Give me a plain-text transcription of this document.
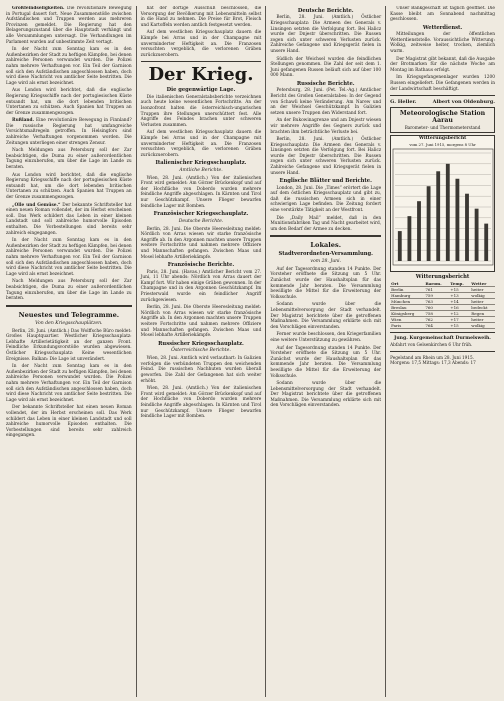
Großfeindseligkeiten. Die revolutionäre Bewegung in Portugal dauert fort. Neue Zusammenstöße zwischen Aufständischen und Truppen werden aus mehreren Provinzen gemeldet. Die Regierung hat den Belagerungszustand über die Hauptstadt verhängt und alle Versammlungen untersagt. Die Verhandlungen im Parlament wurden auf unbestimmte Zeit vertagt.

In der Nacht zum Sonntag kam es in den Außenbezirken der Stadt zu heftigen Kämpfen, bei denen zahlreiche Personen verwundet wurden. Die Polizei nahm mehrere Verhaftungen vor. Ein Teil der Garnison soll sich den Aufständischen angeschlossen haben, doch wird diese Nachricht von amtlicher Seite bestritten. Die Lage wird als ernst bezeichnet.

Aus London wird berichtet, daß die englische Regierung Kriegsschiffe nach der portugiesischen Küste entsandt hat, um die dort lebenden britischen Untertanen zu schützen. Auch Spanien hat Truppen an der Grenze zusammengezogen.

Rußland. Eine revolutionäre Bewegung in Finnland? Die russische Regierung hat umfangreiche Vorsichtsmaßregeln getroffen. In Helsingfors sind zahlreiche Verhaftungen vorgenommen worden. Die Zeitungen unterliegen einer strengen Zensur.

Nach Meldungen aus Petersburg soll der Zar beabsichtigen, die Duma zu einer außerordentlichen Tagung einzuberufen, um über die Lage im Lande zu beraten.

Aus London wird berichtet, daß die englische Regierung Kriegsschiffe nach der portugiesischen Küste entsandt hat, um die dort lebenden britischen Untertanen zu schützen. Auch Spanien hat Truppen an der Grenze zusammengezogen.

„Olle und Gemüse.“ Der bekannte Schriftsteller hat einen neuen Roman vollendet, der im Herbst erscheinen soll. Das Werk schildert das Leben in einer kleinen Landstadt und soll zahlreiche humorvolle Episoden enthalten. Die Vorbestellungen sind bereits sehr zahlreich eingegangen.

In der Nacht zum Sonntag kam es in den Außenbezirken der Stadt zu heftigen Kämpfen, bei denen zahlreiche Personen verwundet wurden. Die Polizei nahm mehrere Verhaftungen vor. Ein Teil der Garnison soll sich den Aufständischen angeschlossen haben, doch wird diese Nachricht von amtlicher Seite bestritten. Die Lage wird als ernst bezeichnet.

Nach Meldungen aus Petersburg soll der Zar beabsichtigen, die Duma zu einer außerordentlichen Tagung einzuberufen, um über die Lage im Lande zu beraten.

Neuestes und Telegramme.
Von den Kriegsschauplätzen.

Berlin, 28. Juni. (Amtlich.) Das Wolffsche Büro meldet: Großes Hauptquartier. Westlicher Kriegsschauplatz: Lebhafte Artillerietätigkeit an der ganzen Front. Feindliche Erkundungsvorstöße wurden abgewiesen. Östlicher Kriegsschauplatz: Keine wesentlichen Ereignisse. Balkan: Die Lage ist unverändert.

In der Nacht zum Sonntag kam es in den Außenbezirken der Stadt zu heftigen Kämpfen, bei denen zahlreiche Personen verwundet wurden. Die Polizei nahm mehrere Verhaftungen vor. Ein Teil der Garnison soll sich den Aufständischen angeschlossen haben, doch wird diese Nachricht von amtlicher Seite bestritten. Die Lage wird als ernst bezeichnet.

Der bekannte Schriftsteller hat einen neuen Roman vollendet, der im Herbst erscheinen soll. Das Werk schildert das Leben in einer kleinen Landstadt und soll zahlreiche humorvolle Episoden enthalten. Die Vorbestellungen sind bereits sehr zahlreich eingegangen.

hat der dortige Ausschuß beschlossen, die Versorgung der Bevölkerung mit Lebensmitteln selbst in die Hand zu nehmen. Die Preise für Brot, Fleisch und Kartoffeln werden amtlich festgesetzt werden.

Auf dem westlichen Kriegsschauplatz dauern die Kämpfe bei Arras und in der Champagne mit unverminderter Heftigkeit an. Die Franzosen versuchten vergeblich, die verlorenen Gräben zurückzuerobern.

Der Krieg.
Die gegenwärtige Lage.

Die italienischen Generalstabsberichte verzeichnen auch heute keine wesentlichen Fortschritte. An der Isonzofront halten die österreichisch-ungarischen Truppen ihre Stellungen unerschüttert fest. Alle Angriffe des Feindes brachen unter schweren Verlusten zusammen.

Auf dem westlichen Kriegsschauplatz dauern die Kämpfe bei Arras und in der Champagne mit unverminderter Heftigkeit an. Die Franzosen versuchten vergeblich, die verlorenen Gräben zurückzuerobern.

Italienischer Kriegsschauplatz.
Amtliche Berichte.

Wien, 28. Juni. (Amtlich.) Von der italienischen Front wird gemeldet: Am Görzer Brückenkopf und auf der Hochfläche von Doberdo wurden mehrere feindliche Angriffe abgeschlagen. In Kärnten und Tirol nur Geschützkampf. Unsere Flieger bewarfen feindliche Lager mit Bomben.

Französischer Kriegsschauplatz.
Deutsche Berichte.

Berlin, 28. Juni. Die Oberste Heeresleitung meldet: Nördlich von Arras wiesen wir starke französische Angriffe ab. In den Argonnen machten unsere Truppen weitere Fortschritte und nahmen mehrere Offiziere und Mannschaften gefangen. Zwischen Maas und Mosel lebhafte Artilleriekämpfe.

Französische Berichte.

Paris, 28. Juni. (Havas.) Amtlicher Bericht vom 27. Juni, 11 Uhr abends: Nördlich von Arras dauert der Kampf fort. Wir haben einige Gräben gewonnen. In der Champagne und in den Argonnen Geschützkampf. Im Priesterwald wurde ein feindlicher Angriff zurückgewiesen.

Berlin, 28. Juni. Die Oberste Heeresleitung meldet: Nördlich von Arras wiesen wir starke französische Angriffe ab. In den Argonnen machten unsere Truppen weitere Fortschritte und nahmen mehrere Offiziere und Mannschaften gefangen. Zwischen Maas und Mosel lebhafte Artilleriekämpfe.

Russischer Kriegsschauplatz.
Österreichische Berichte.

Wien, 28. Juni. Amtlich wird verlautbart: In Galizien verfolgen die verbündeten Truppen den weichenden Feind. Die russischen Nachhuten wurden überall geworfen. Die Zahl der Gefangenen hat sich weiter erhöht.

Wien, 28. Juni. (Amtlich.) Von der italienischen Front wird gemeldet: Am Görzer Brückenkopf und auf der Hochfläche von Doberdo wurden mehrere feindliche Angriffe abgeschlagen. In Kärnten und Tirol nur Geschützkampf. Unsere Flieger bewarfen feindliche Lager mit Bomben.

Deutsche Berichte.

Berlin, 28. Juni. (Amtlich.) Östlicher Kriegsschauplatz: Die Armeen des Generals v. Linsingen setzten die Verfolgung fort. Bei Halicz wurde der Dnjestr überschritten. Die Russen zogen sich unter schweren Verlusten zurück. Zahlreiche Gefangene und Kriegsgerät fielen in unsere Hand.

Südlich der Weichsel wurden die feindlichen Stellungen genommen. Die Zahl der seit dem 1. Juni gefangenen Russen beläuft sich auf über 100 000 Mann.

Russische Berichte.

Petersburg, 28. Juni. (Pet. Tel.-Ag.) Amtlicher Bericht des Großen Generalstabes: In der Gegend von Schawli keine Veränderung. Am Narew und an der Weichsel Geschützkampf. In Galizien setzen unsere Truppen den Widerstand fort.

An der Bukowinagrenze und am Dnjestr wiesen wir mehrere Angriffe des Gegners zurück und brachten ihm beträchtliche Verluste bei.

Berlin, 28. Juni. (Amtlich.) Östlicher Kriegsschauplatz: Die Armeen des Generals v. Linsingen setzten die Verfolgung fort. Bei Halicz wurde der Dnjestr überschritten. Die Russen zogen sich unter schweren Verlusten zurück. Zahlreiche Gefangene und Kriegsgerät fielen in unsere Hand.

Englische Blätter und Berichte.

London, 28. Juni. Die „Times“ erörtert die Lage auf dem östlichen Kriegsschauplatz und gibt zu, daß die russischen Armeen sich in einer schwierigen Lage befinden. Die Zeitung fordert eine verstärkte Tätigkeit an der Westfront.

Die „Daily Mail“ meldet, daß in den Munitionsfabriken Tag und Nacht gearbeitet wird, um den Bedarf der Armee zu decken.

Lokales.
Stadtverordneten-Versammlung.
vom 28. Juni.

Auf der Tagesordnung standen 14 Punkte. Der Vorsteher eröffnete die Sitzung um 5 Uhr. Zunächst wurde der Haushaltsplan für das kommende Jahr beraten. Die Versammlung bewilligte die Mittel für die Erweiterung der Volksschule.

Sodann wurde über die Lebensmittelversorgung der Stadt verhandelt. Der Magistrat berichtete über die getroffenen Maßnahmen. Die Versammlung erklärte sich mit den Vorschlägen einverstanden.

Ferner wurde beschlossen, den Kriegerfamilien eine weitere Unterstützung zu gewähren.

Auf der Tagesordnung standen 14 Punkte. Der Vorsteher eröffnete die Sitzung um 5 Uhr. Zunächst wurde der Haushaltsplan für das kommende Jahr beraten. Die Versammlung bewilligte die Mittel für die Erweiterung der Volksschule.

Sodann wurde über die Lebensmittelversorgung der Stadt verhandelt. Der Magistrat berichtete über die getroffenen Maßnahmen. Die Versammlung erklärte sich mit den Vorschlägen einverstanden.

Unser Bankgeschäft ist täglich geöffnet. Die Kasse bleibt am Sonnabend nachmittag geschlossen.

Wetterdienst.

Mitteilungen der öffentlichen Wetterdienststelle. Voraussichtliche Witterung: Wolkig, zeitweise heiter, trocken, ziemlich warm.

Der Magistrat gibt bekannt, daß die Ausgabe der Brotmarken für die nächste Woche am Montag im Rathaus erfolgt.

Im Kriegsgefangenenlager wurden 1200 Russen eingeliefert. Die Gefangenen werden in der Landwirtschaft beschäftigt.

G. Heller.	Albert von Oldenburg.
Meteorologische Station Aarau
Barometer- und Thermometerstand
Witterungsbericht
vom 27. Juni 1915, morgens 8 Uhr
Witterungsbericht
Ort	Barom.	Temp.	Wetter
Berlin	761	+15	heiter
Hamburg	759	+13	wolkig
München	763	+14	heiter
Breslau	760	+16	bedeckt
Königsberg	758	+12	Regen
Wien	762	+17	heiter
Paris	764	+15	wolkig
Jung. Kurgemeinschaft Durmelsweih.
Abfahrt von Gelsenkirchen 6 Uhr früh.
Pegelstand am Rhein um 28. Juni 1915.
Morgens: 17,5 Mittags: 17,3 Abends: 17
